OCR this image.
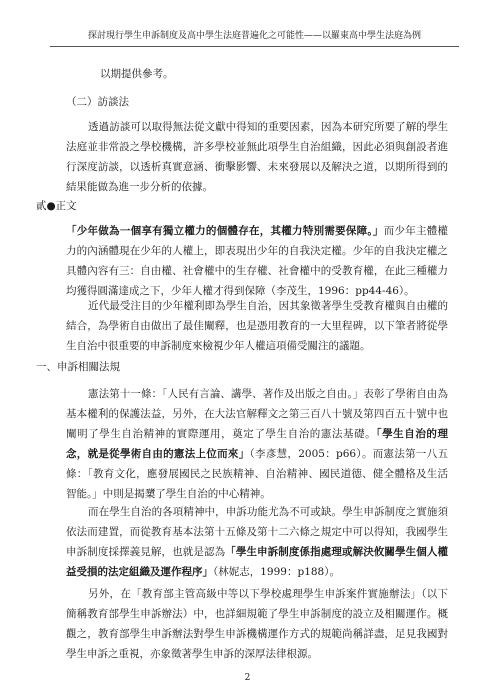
探討現行學生申訴制度及高中學生法庭普遍化之可能性——以羅東高中學生法庭為例
以期提供參考。
（二）訪談法
透過訪談可以取得無法從文獻中得知的重要因素，因為本研究所要了解的學生法庭並非常設之學校機構，許多學校並無此項學生自治組織，因此必須與創設者進行深度訪談，以透析真實意涵、衝擊影響、未來發展以及解決之道，以期所得到的結果能做為進一步分析的依據。
貳●正文
「少年做為一個享有獨立權力的個體存在，其權力特別需要保障。」而少年主體權力的內涵體現在少年的人權上，即表現出少年的自我決定權。少年的自我決定權之具體內容有三：自由權、社會權中的生存權、社會權中的受教育權，在此三種權力均獲得圓滿達成之下，少年人權才得到保障（李茂生，1996：pp44-46）。
近代最受注目的少年權利即為學生自治，因其象徵著學生受教育權與自由權的結合，為學術自由做出了最佳闡釋，也是憑用教育的一大里程碑，以下筆者將從學生自治中很重要的申訴制度來檢視少年人權這項備受關注的議題。
一、申訴相關法規
憲法第十一條：「人民有言論、講學、著作及出版之自由。」表彰了學術自由為基本權利的保護法益，另外，在大法官解釋文之第三百八十號及第四百五十號中也闡明了學生自治精神的實際運用，奠定了學生自治的憲法基礎。「學生自治的理念，就是從學術自由的憲法上位而來」（李彥慧，2005：p66）。而憲法第一八五條：「教育文化，應發展國民之民族精神、自治精神、國民道德、健全體格及生活智能。」中則是揭櫫了學生自治的中心精神。
而在學生自治的各項精神中，申訴功能尤為不可或缺。學生申訴制度之實施須依法而建置，而從教育基本法第十五條及第十二六條之規定中可以得知，我國學生申訴制度採擇義見解，也就是認為「學生申訴制度係指處理或解決攸關學生個人權益受損的法定組織及運作程序」（林妮志，1999：p188）。
另外，在「教育部主管高級中等以下學校處理學生申訴案件實施辦法」（以下簡稱教育部學生申訴辦法）中，也詳細規範了學生申訴制度的設立及相關運作。概觀之，教育部學生申訴辦法對學生申訴機構運作方式的規範尚稱詳盡，足見我國對學生申訴之重視，亦象徵著學生申訴的深厚法律根源。
2
